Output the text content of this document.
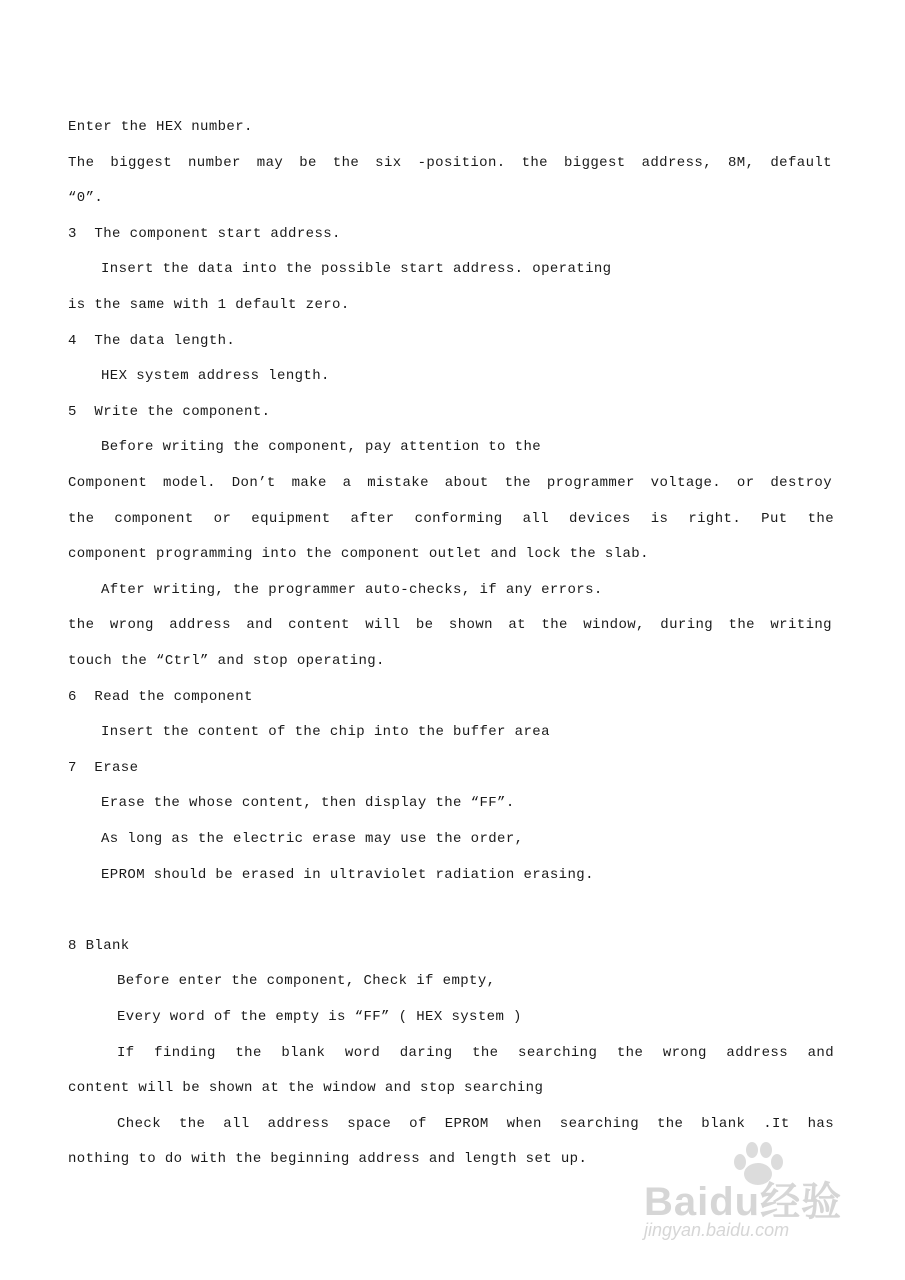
Enter the HEX number.
The biggest number may be the six -position. the biggest address, 8M, default
“0”.
3  The component start address.
Insert the data into the possible start address. operating
is the same with 1 default zero.
4  The data length.
HEX system address length.
5  Write the component.
Before writing the component, pay attention to the
Component model. Don’t make a mistake about the programmer voltage. or destroy
the component or equipment after conforming all devices is right. Put the
component programming into the component outlet and lock the slab.
After writing, the programmer auto-checks, if any errors.
the wrong address and content will be shown at the window, during the writing
touch the “Ctrl” and stop operating.
6  Read the component
Insert the content of the chip into the buffer area
7  Erase
Erase the whose content, then display the “FF”.
As long as the electric erase may use the order,
EPROM should be erased in ultraviolet radiation erasing.
8 Blank
Before enter the component, Check if empty,
Every word of the empty is “FF” ( HEX system )
If finding the blank word daring the searching the wrong address and
content will be shown at the window and stop searching
Check the all address space of EPROM when searching the blank .It has
nothing to do with the beginning address and length set up.
Baidu经验
jingyan.baidu.com
